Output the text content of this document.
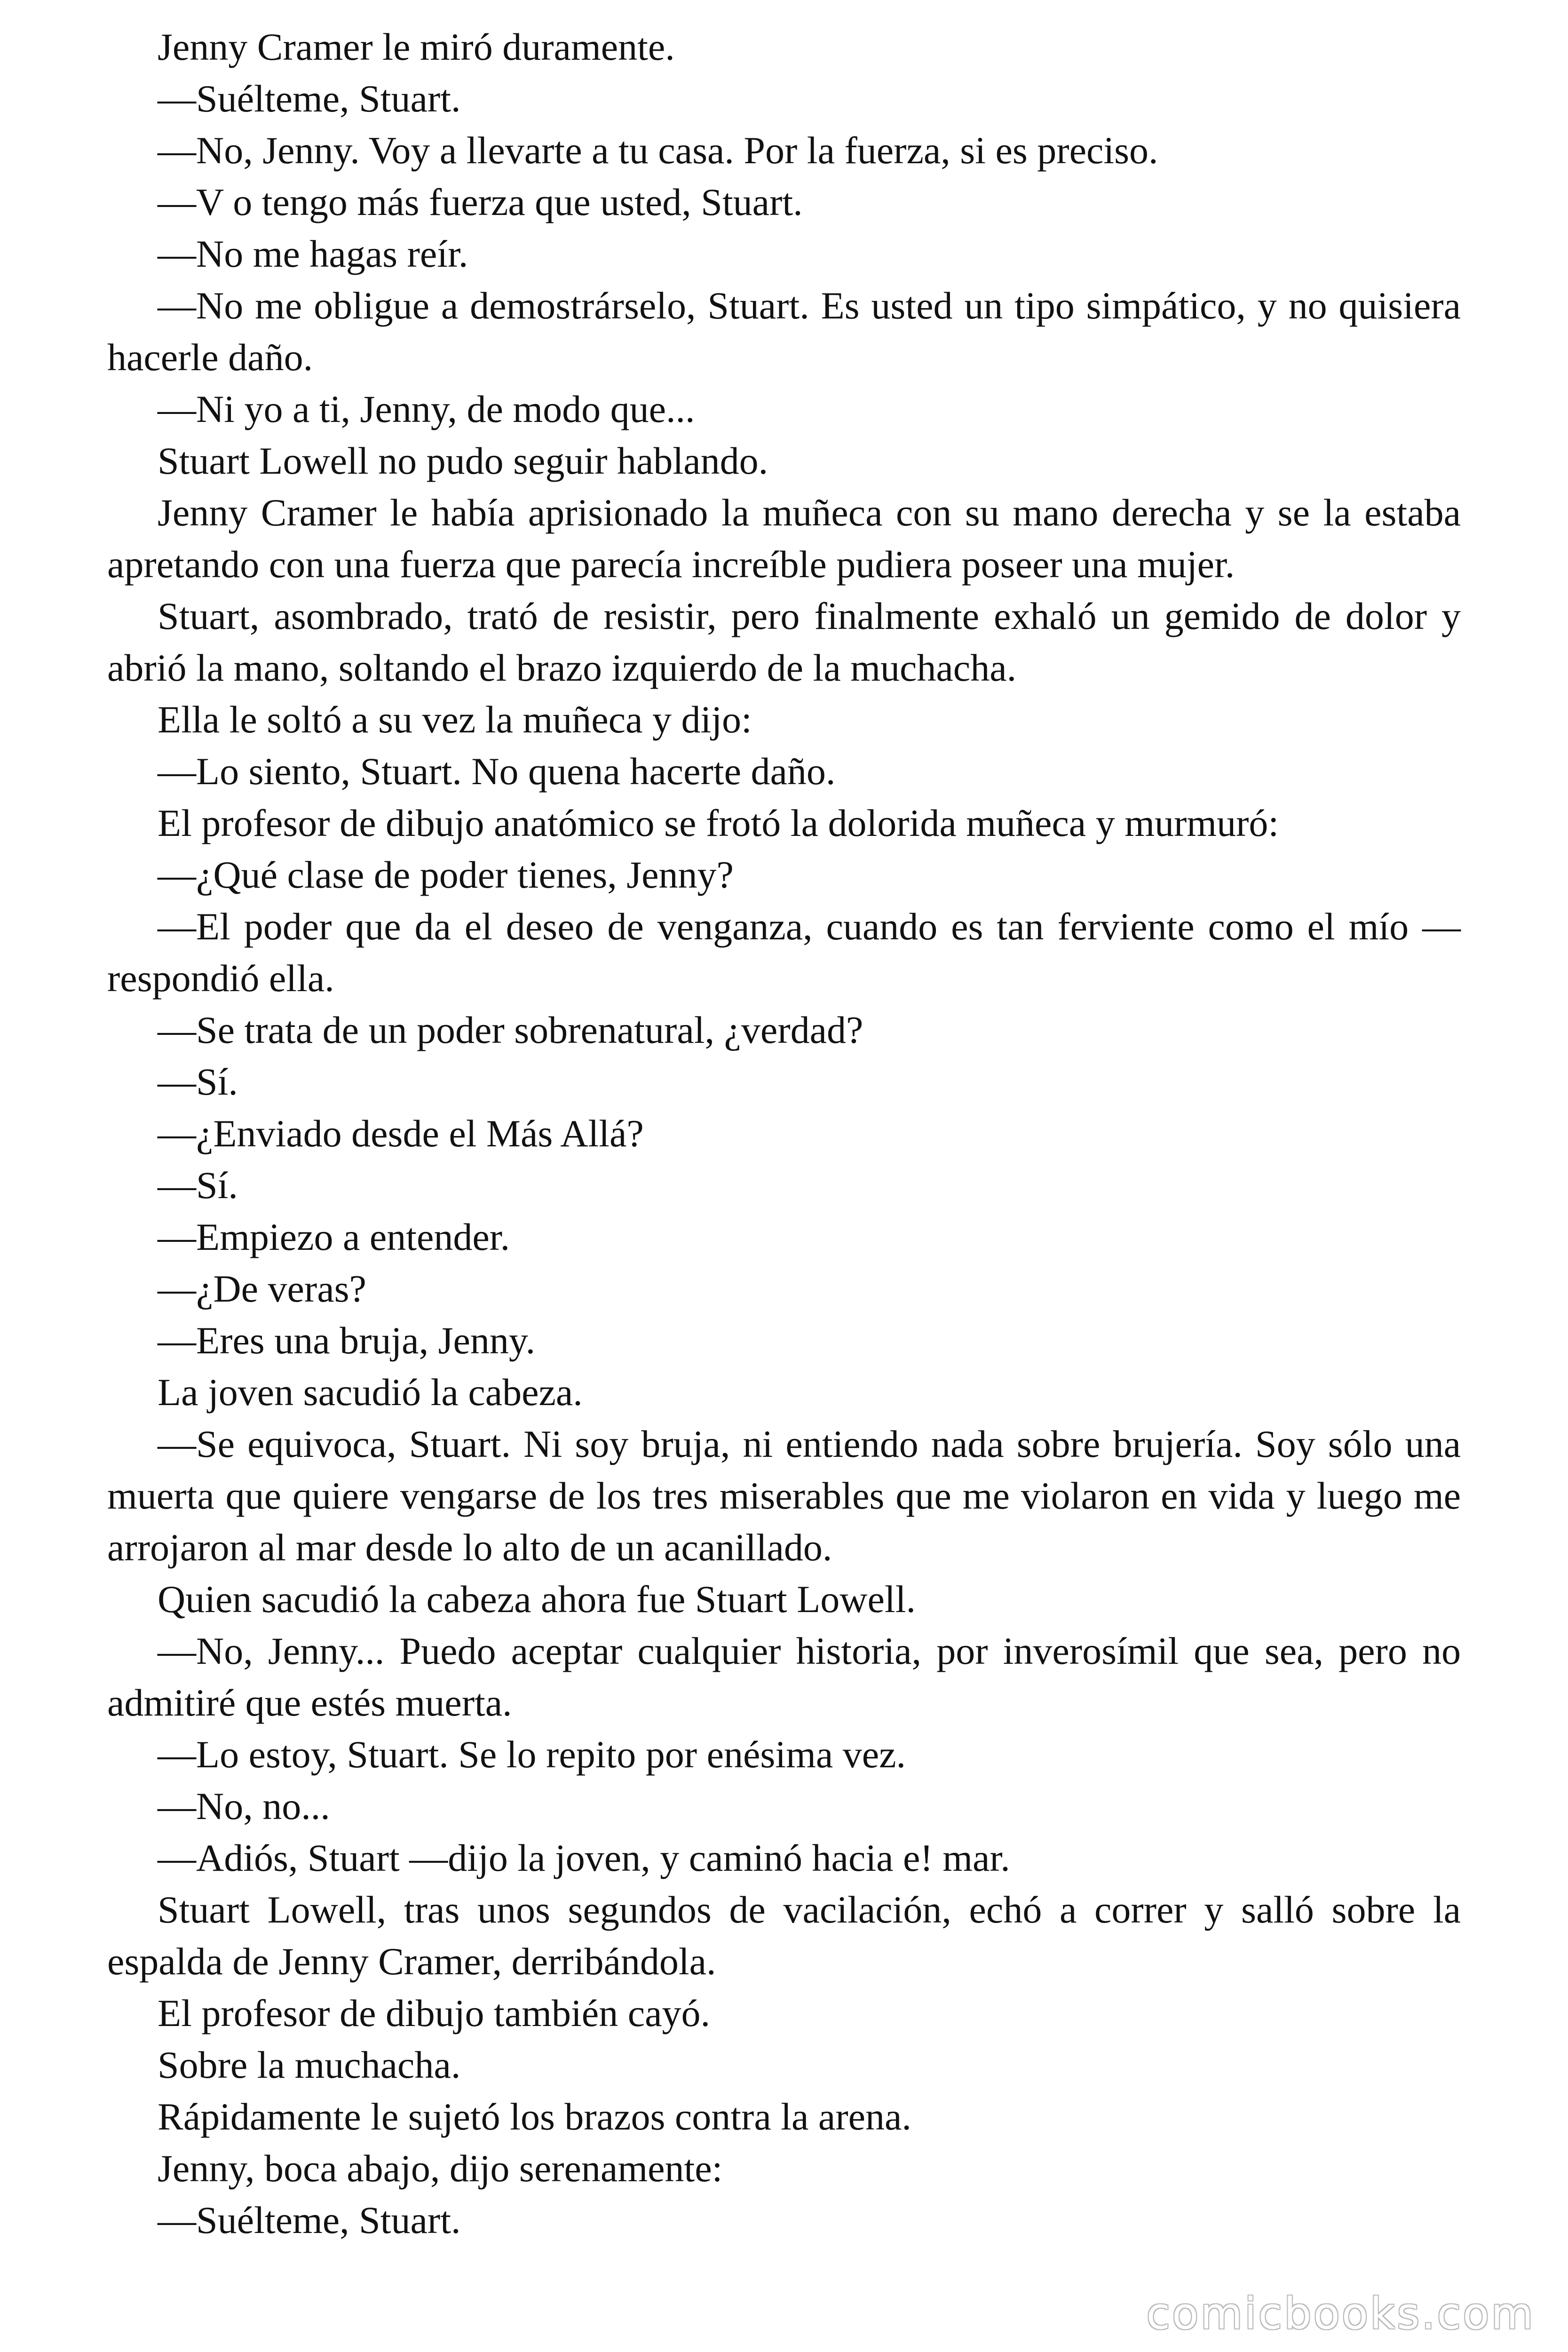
Jenny Cramer le miró duramente.

—Suélteme, Stuart.

—No, Jenny. Voy a llevarte a tu casa. Por la fuerza, si es preciso.

—V o tengo más fuerza que usted, Stuart.

—No me hagas reír.

—No me obligue a demostrárselo, Stuart. Es usted un tipo simpático, y no quisiera hacerle daño.

—Ni yo a ti, Jenny, de modo que...

Stuart Lowell no pudo seguir hablando.

Jenny Cramer le había aprisionado la muñeca con su mano derecha y se la estaba apretando con una fuerza que parecía increíble pudiera poseer una mujer.

Stuart, asombrado, trató de resistir, pero finalmente exhaló un gemido de dolor y abrió la mano, soltando el brazo izquierdo de la muchacha.

Ella le soltó a su vez la muñeca y dijo:

—Lo siento, Stuart. No quena hacerte daño.

El profesor de dibujo anatómico se frotó la dolorida muñeca y murmuró:

—¿Qué clase de poder tienes, Jenny?

—El poder que da el deseo de venganza, cuando es tan ferviente como el mío —respondió ella.

—Se trata de un poder sobrenatural, ¿verdad?

—Sí.

—¿Enviado desde el Más Allá?

—Sí.

—Empiezo a entender.

—¿De veras?

—Eres una bruja, Jenny.

La joven sacudió la cabeza.

—Se equivoca, Stuart. Ni soy bruja, ni entiendo nada sobre brujería. Soy sólo una muerta que quiere vengarse de los tres miserables que me violaron en vida y luego me arrojaron al mar desde lo alto de un acanillado.

Quien sacudió la cabeza ahora fue Stuart Lowell.

—No, Jenny... Puedo aceptar cualquier historia, por inverosímil que sea, pero no admitiré que estés muerta.

—Lo estoy, Stuart. Se lo repito por enésima vez.

—No, no...

—Adiós, Stuart —dijo la joven, y caminó hacia e! mar.

Stuart Lowell, tras unos segundos de vacilación, echó a correr y salló sobre la espalda de Jenny Cramer, derribándola.

El profesor de dibujo también cayó.

Sobre la muchacha.

Rápidamente le sujetó los brazos contra la arena.

Jenny, boca abajo, dijo serenamente:

—Suélteme, Stuart.

comicbooks.com
